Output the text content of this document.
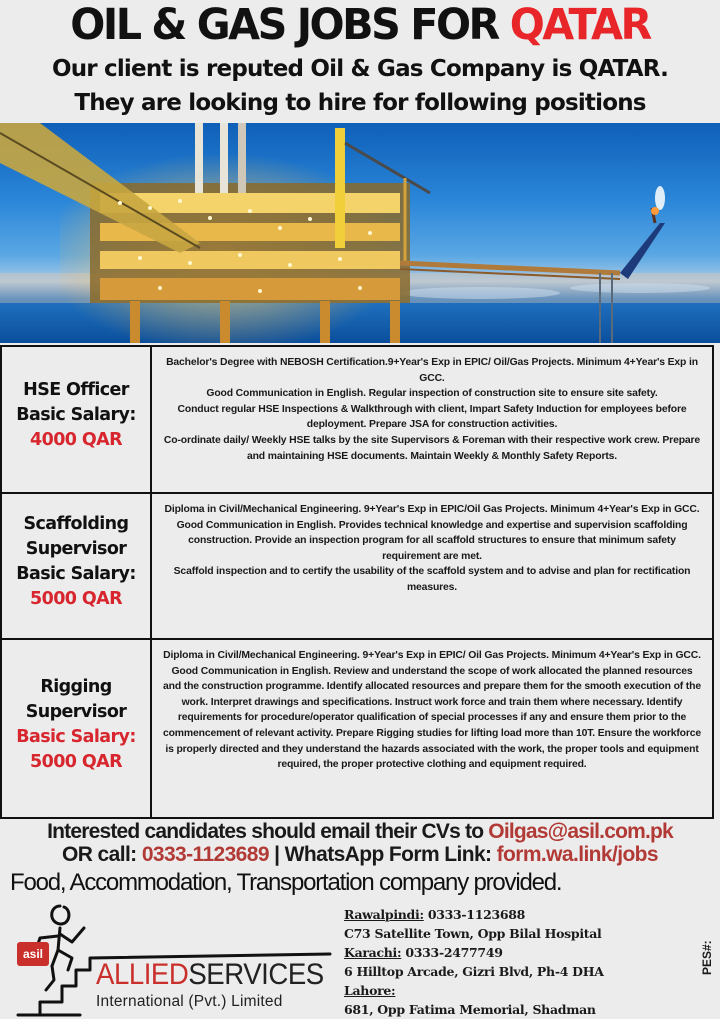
OIL & GAS JOBS FOR QATAR
Our client is reputed Oil & Gas Company is QATAR.
They are looking to hire for following positions
HSE Officer
Basic Salary:
4000 QAR

Bachelor's Degree with NEBOSH Certification.9+Year's Exp in EPIC/ Oil/Gas Projects. Minimum 4+Year's Exp in GCC.

Good Communication in English. Regular inspection of construction site to ensure site safety.

Conduct regular HSE Inspections & Walkthrough with client, Impart Safety Induction for employees before deployment. Prepare JSA for construction activities.

Co-ordinate daily/ Weekly HSE talks by the site Supervisors & Foreman with their respective work crew. Prepare and maintaining HSE documents. Maintain Weekly & Monthly Safety Reports.

Scaffolding
Supervisor
Basic Salary:
5000 QAR

Diploma in Civil/Mechanical Engineering. 9+Year's Exp in EPIC/Oil Gas Projects. Minimum 4+Year's Exp in GCC.

Good Communication in English. Provides technical knowledge and expertise and supervision scaffolding construction. Provide an inspection program for all scaffold structures to ensure that minimum safety requirement are met.

Scaffold inspection and to certify the usability of the scaffold system and to advise and plan for rectification measures.

Rigging
Supervisor
Basic Salary:
5000 QAR

Diploma in Civil/Mechanical Engineering. 9+Year's Exp in EPIC/ Oil Gas Projects. Minimum 4+Year's Exp in GCC. Good Communication in English. Review and understand the scope of work allocated the planned resources and the construction programme. Identify allocated resources and prepare them for the smooth execution of the work. Interpret drawings and specifications. Instruct work force and train them where necessary. Identify requirements for procedure/operator qualification of special processes if any and ensure them prior to the commencement of relevant activity. Prepare Rigging studies for lifting load more than 10T. Ensure the workforce is properly directed and they understand the hazards associated with the work, the proper tools and equipment required, the proper protective clothing and equipment required.

Interested candidates should email their CVs to Oilgas@asil.com.pk
OR call: 0333-1123689 | WhatsApp Form Link: form.wa.link/jobs
Food, Accommodation, Transportation company provided.
asil
ALLIEDSERVICES
International (Pvt.) Limited
Rawalpindi: 0333-1123688
C73 Satellite Town, Opp Bilal Hospital
Karachi: 0333-2477749
6 Hilltop Arcade, Gizri Blvd, Ph-4 DHA
Lahore:
681, Opp Fatima Memorial, Shadman
PES#:
